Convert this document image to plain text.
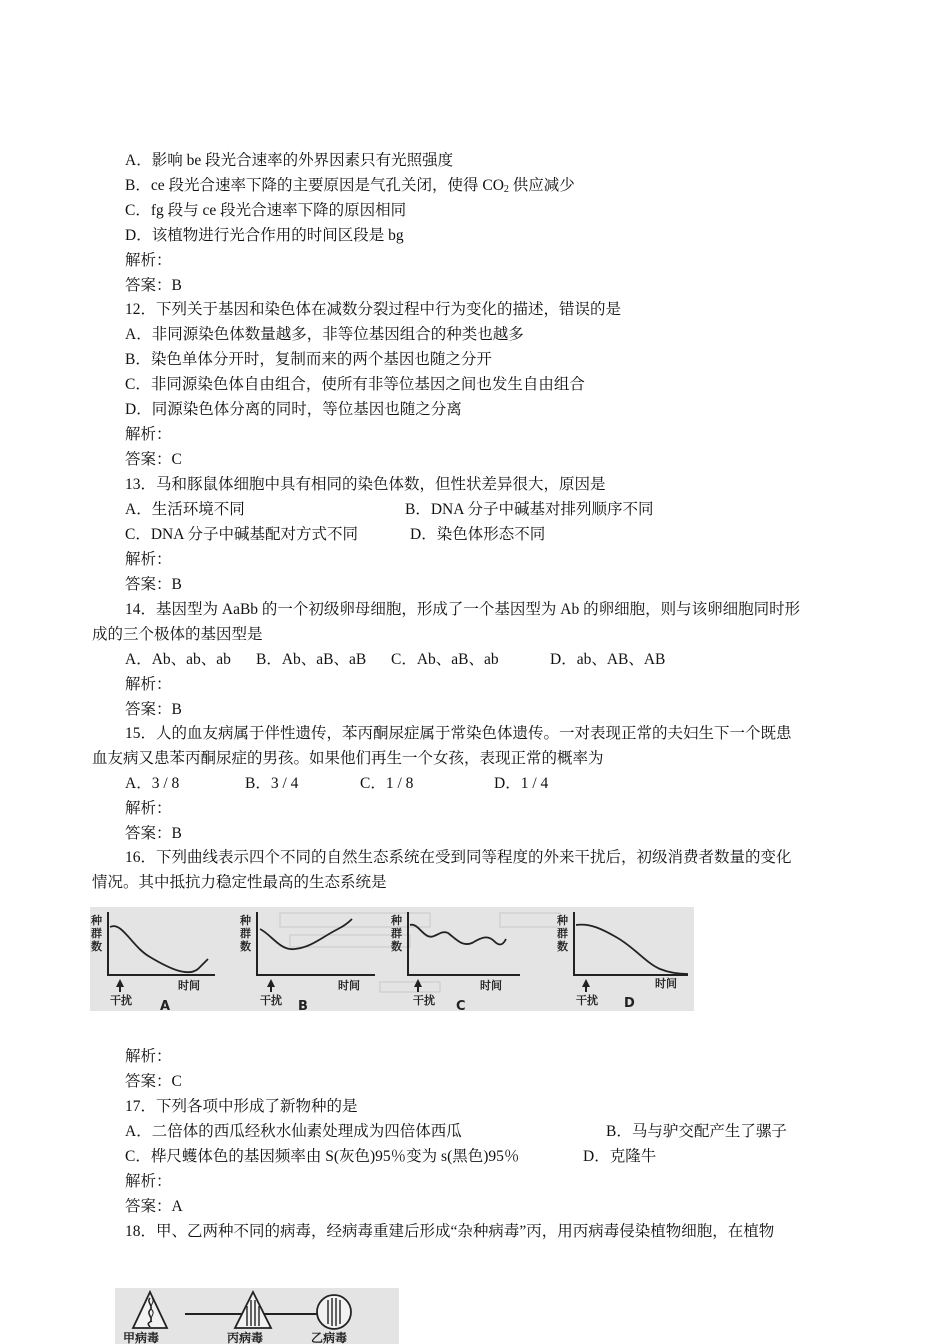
A．影响 be 段光合速率的外界因素只有光照强度
B．ce 段光合速率下降的主要原因是气孔关闭，使得 $CO_2$ 供应减少
C．fg 段与 ce 段光合速率下降的原因相同
D．该植物进行光合作用的时间区段是 bg
解析：
答案：B
12．下列关于基因和染色体在减数分裂过程中行为变化的描述，错误的是
A．非同源染色体数量越多，非等位基因组合的种类也越多
B．染色单体分开时，复制而来的两个基因也随之分开
C．非同源染色体自由组合，使所有非等位基因之间也发生自由组合
D．同源染色体分离的同时，等位基因也随之分离
解析：
答案：C
13．马和豚鼠体细胞中具有相同的染色体数，但性状差异很大，原因是
A．生活环境不同	B．DNA 分子中碱基对排列顺序不同
C．DNA 分子中碱基配对方式不同	D．染色体形态不同
解析：
答案：B
14．基因型为 AaBb 的一个初级卵母细胞，形成了一个基因型为 Ab 的卵细胞，则与该卵细胞同时形
成的三个极体的基因型是
A．Ab、ab、ab B．Ab、aB、aB C．Ab、aB、ab	D．ab、AB、AB
解析：
答案：B
15．人的血友病属于伴性遗传，苯丙酮尿症属于常染色体遗传。一对表现正常的夫妇生下一个既患
血友病又患苯丙酮尿症的男孩。如果他们再生一个女孩，表现正常的概率为
A．3 / 8	B．3 / 4	C．1 / 8	D．1 / 4
解析：
答案：B
16．下列曲线表示四个不同的自然生态系统在受到同等程度的外来干扰后，初级消费者数量的变化
情况。其中抵抗力稳定性最高的生态系统是
种
群
数
干扰
时间
A
种
群
数
干扰
时间
B
种
群
数
干扰
时间
C
种
群
数
干扰
时间
D
解析：
答案：C
17．下列各项中形成了新物种的是
A．二倍体的西瓜经秋水仙素处理成为四倍体西瓜	B．马与驴交配产生了骡子
C．桦尺蠖体色的基因频率由 S(灰色)95％变为 s(黑色)95％	D．克隆牛
解析：
答案：A
18．甲、乙两种不同的病毒，经病毒重建后形成“杂种病毒”丙，用丙病毒侵染植物细胞，在植物
甲病毒	丙病毒	乙病毒
